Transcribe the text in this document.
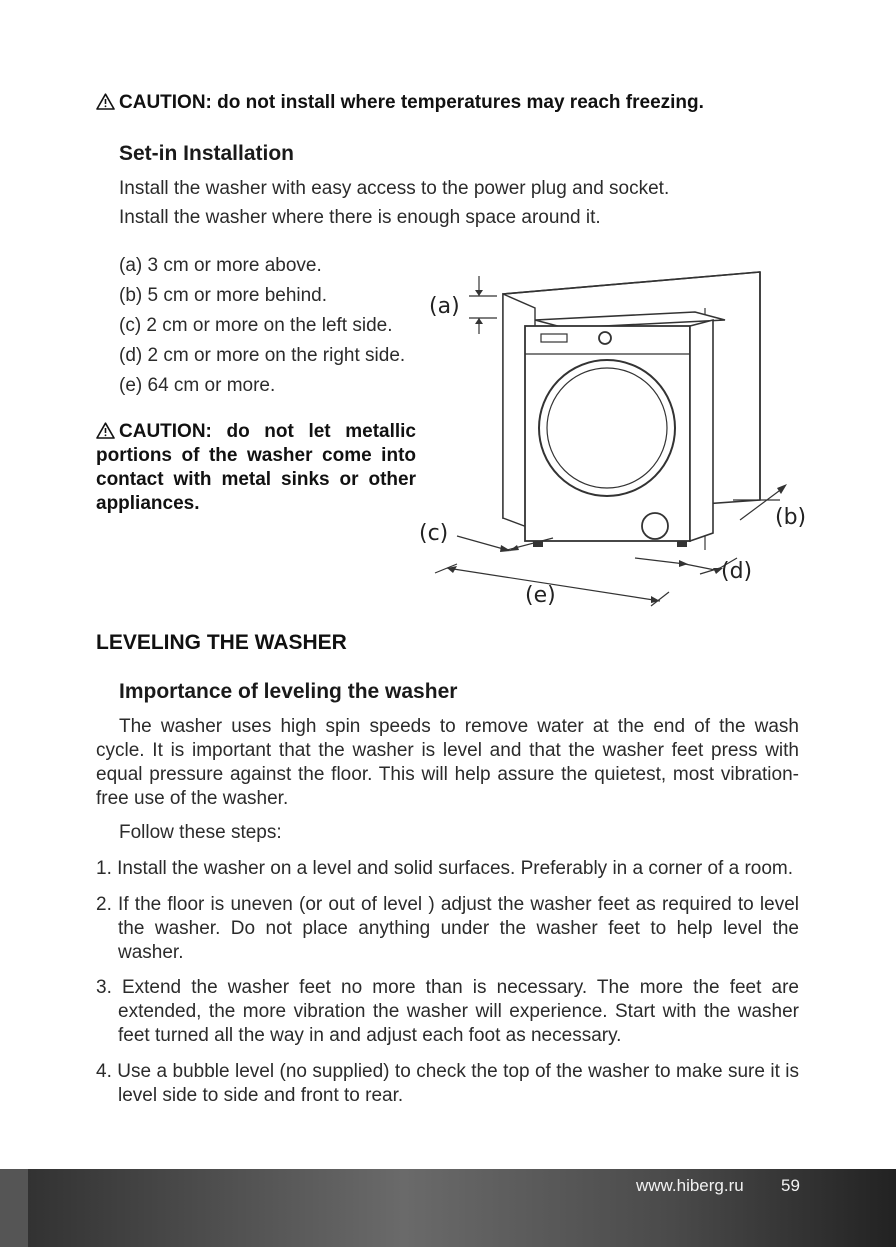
CAUTION: do not install where temperatures may reach freezing.
Set-in Installation
Install the washer with easy access to the power plug and socket.
Install the washer where there is enough space around it.
(a) 3 cm or more above.
(b) 5 cm or more behind.
(c) 2 cm or more on the left side.
(d) 2 cm or more on the right side.
(e) 64 cm or more.
CAUTION: do not let metallic portions of the washer come into contact with metal sinks or other appliances.
(a)
(b)
(c)
(d)
(e)
LEVELING THE WASHER
Importance of leveling the washer
The washer uses high spin speeds to remove water at the end of the wash cycle. It is important that the washer is level and that the washer feet press with equal pressure against the floor. This will help assure the quietest, most vibration-free use of the washer.
Follow these steps:
1. Install the washer on a level and solid surfaces. Preferably in a corner of a room.
2. If the floor is uneven (or out of level ) adjust the washer feet as required to level the washer. Do not place anything under the washer feet to help level the washer.
3. Extend the washer feet no more than is necessary. The more the feet are extended, the more vibration the washer will experience. Start with the washer feet turned all the way in and adjust each foot as necessary.
4. Use a bubble level (no supplied) to check the top of the washer to make sure it is level side to side and front to rear.
www.hiberg.ru 59
